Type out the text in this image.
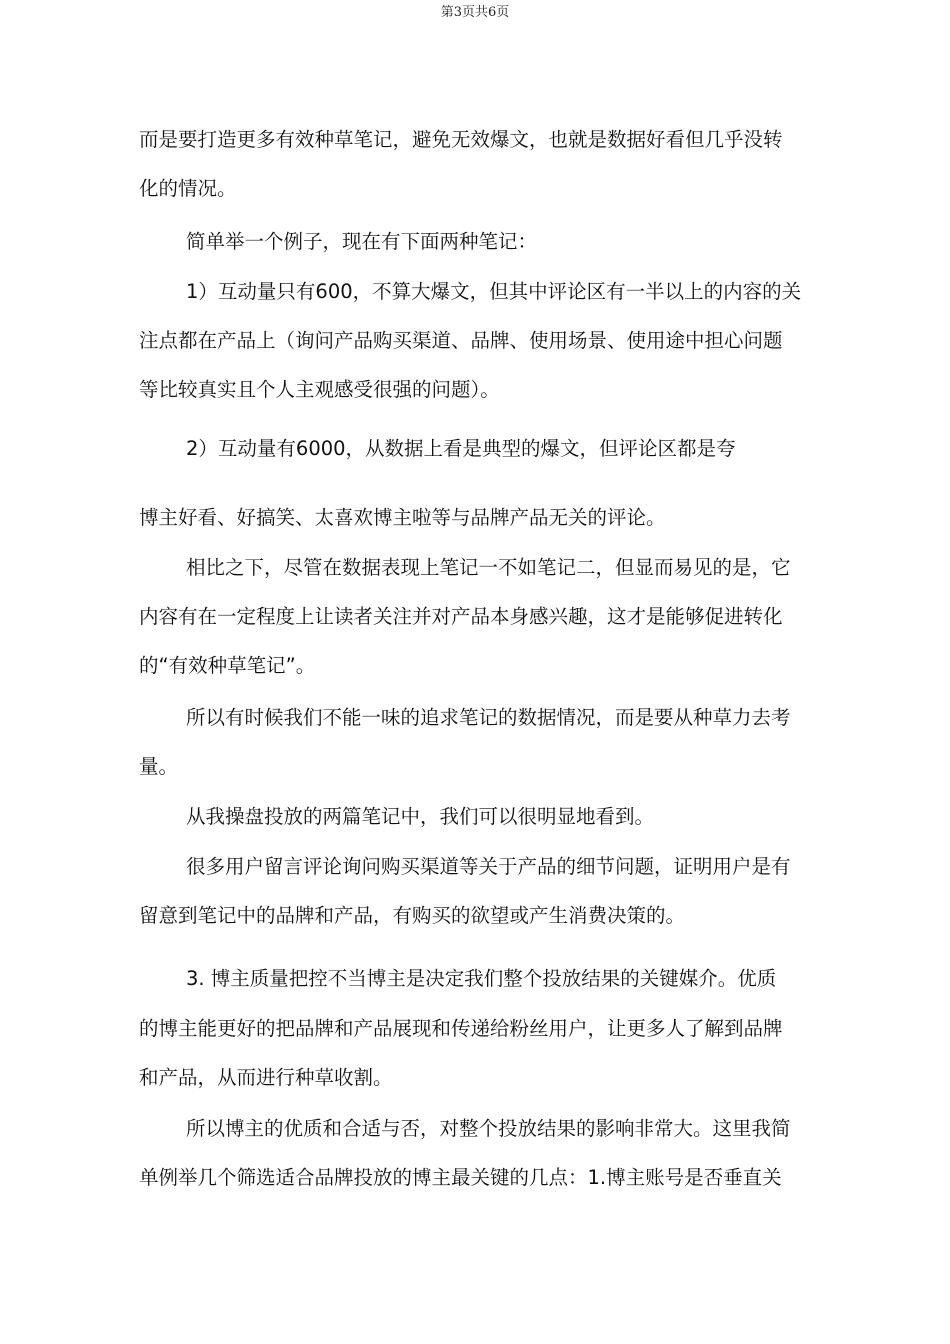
第3页共6页
而是要打造更多有效种草笔记，避免无效爆文，也就是数据好看但几乎没转
化的情况。
简单举一个例子，现在有下面两种笔记：
1）互动量只有600，不算大爆文，但其中评论区有一半以上的内容的关
注点都在产品上（询问产品购买渠道、品牌、使用场景、使用途中担心问题
等比较真实且个人主观感受很强的问题）。
2）互动量有6000，从数据上看是典型的爆文，但评论区都是夸
博主好看、好搞笑、太喜欢博主啦等与品牌产品无关的评论。
相比之下，尽管在数据表现上笔记一不如笔记二，但显而易见的是，它
内容有在一定程度上让读者关注并对产品本身感兴趣，这才是能够促进转化
的“有效种草笔记”。
所以有时候我们不能一味的追求笔记的数据情况，而是要从种草力去考
量。
从我操盘投放的两篇笔记中，我们可以很明显地看到。
很多用户留言评论询问购买渠道等关于产品的细节问题，证明用户是有
留意到笔记中的品牌和产品，有购买的欲望或产生消费决策的。
3. 博主质量把控不当博主是决定我们整个投放结果的关键媒介。优质
的博主能更好的把品牌和产品展现和传递给粉丝用户，让更多人了解到品牌
和产品，从而进行种草收割。
所以博主的优质和合适与否，对整个投放结果的影响非常大。这里我简
单例举几个筛选适合品牌投放的博主最关键的几点：1.博主账号是否垂直关
